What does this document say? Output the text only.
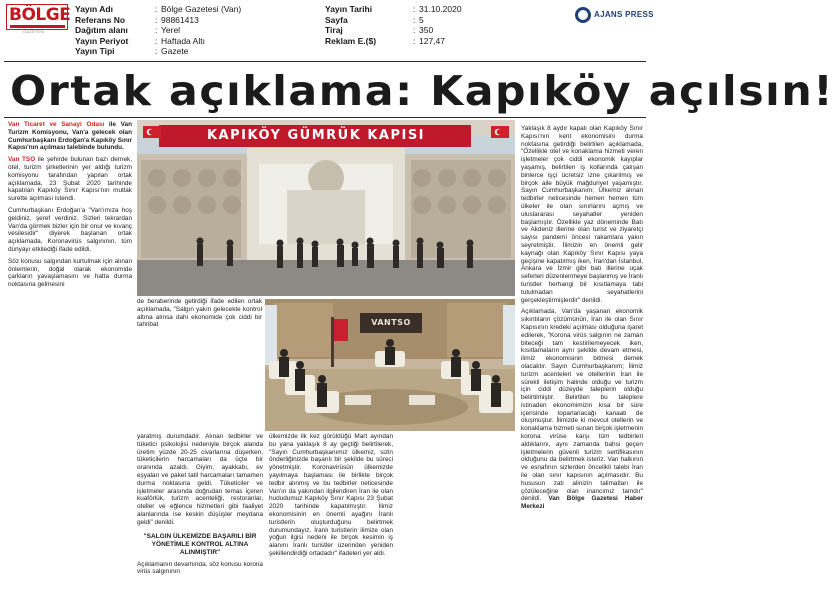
BÖLGE
GAZETESİ
Yayın Adı	: Bölge Gazetesi (Van)
Referans No	: 98861413
Dağıtım alanı	: Yerel
Yayın Periyot	: Haftada Altı
Yayın Tipi	: Gazete
Yayın Tarihi	: 31.10.2020
Sayfa	: 5
Tiraj	: 350
Reklam E.($)	: 127,47
AJANS PRESS
Ortak açıklama: Kapıköy açılsın!

Van Ticaret ve Sanayi Odası ile Van Turizm Komisyonu, Van'a gelecek olan Cumhurbaşkanı Erdoğan'a Kapıköy Sınır Kapısı'nın açılması talebinde bulundu.

Van TSO ile şehirde bulunan bazı dernek, otel, turizm şirketlerinin yer aldığı turizm komisyonu tarafından yapılan ortak açıklamada, 23 Şubat 2020 tarihinde kapatılan Kapıköy Sınır Kapısı'nın mutlak surette açılması istendi.

Cumhurbaşkanı Erdoğan'a "Van'ımıza hoş geldiniz, şeref verdiniz. Sizleri tekrardan Van'da görmek bizler için bir onur ve kıvanç vesilesidir" diyerek başlanan ortak açıklamada, Koronavirüs salgınının, tüm dünyayı etkilediği ifade edildi.

Söz konusu salgından kurtulmak için alınan önlemlerin, doğal olarak ekonomide çarkların yavaşlamasını ve hatta durma noktasına gelmesini

KAPIKÖY GÜMRÜK KAPISI

de beraberinde getirdiği ifade edilen ortak açıklamada, "Salgın yakın gelecekte kontrol altına alınsa dahi ekonomide çok ciddi bir tahribat	VANTSO

yaratmış durumdadır. Alınan tedbirler ve tüketici psikolojisi nedeniyle birçok alanda üretim yüzde 20-25 civarlarına düşerken, tüketicilerin harcamaları da üçte bir oranında azaldı. Giyim, ayakkabı, ev eşyaları ve paket tatil harcamaları tamamen durma noktasına geldi. Tüketiciler ve işletmeler arasında doğrudan temas içeren kuaförlük, turizm acenteliği, restoranlar, oteller ve eğlence hizmetleri gibi faaliyet alanlarında ise keskin düşüşler meydana geldi" denildi.

"SALGIN ÜLKEMİZDE BAŞARILI BİR YÖNETİMLE KONTROL ALTINA ALINMIŞTIR"

Açıklamanın devamında, söz konusu korona virüs salgınının

ülkemizde ilk kez görüldüğü Mart ayından bu yana yaklaşık 8 ay geçtiği belirtilerek, "Sayın Cumhurbaşkanımız ülkemiz, sizin önderliğinizde başarılı bir şekilde bu süreci yönetmiştir. Koronavirüsün ülkemizde yayılmaya başlaması ile birlikte birçok tedbir alınmış ve bu tedbirler neticesinde Van'ın da yakından ilgilendiren İran ile olan hududumuz Kapıköy Sınır Kapısı 23 Şubat 2020 tarihinde kapatılmıştır. İlimiz ekonomisinin en önemli ayağını İranlı turistlerin oluşturduğunu belirtmek durumundayız. İranlı turistlerin ilimize olan yoğun ilgisi nedeni ile birçok kesimin iş alanını İranlı turistler üzerinden yeniden şekillendirdiği ortadadır" ifadeleri yer aldı.

Yaklaşık 8 aydır kapalı olan Kapıköy Sınır Kapısı'nın kent ekonomisini durma noktasına getirdiği belirtilen açıklamada, "Özellikle otel ve konaklama hizmeti veren işletmeler çok ciddi ekonomik kayıplar yaşamış, belirtilen iş kollarında çalışan binlerce işçi ücretsiz izne çıkarılmış ve birçok aile büyük mağduriyet yaşamıştır. Sayın Cumhurbaşkanım; Ülkemiz alınan tedbirler neticesinde hemen hemen tüm ülkeler ile olan sınırlarını açmış ve uluslararası seyahatler yeniden başlamıştır. Özellikle yaz döneminde Batı ve Akdeniz illerine olan turist ve ziyaretçi sayısı pandemi öncesi rakamlara yakın seyretmiştir. İlimizin en önemli gelir kaynağı olan Kapıköy Sınır Kapısı yaya geçişine kapatılmış iken, İran'dan İstanbul, Ankara ve İzmir gibi batı illerine uçak seferleri düzenlenmeye başlanmış ve İranlı turistler herhangi bir kısıtlamaya tabi tutulmadan seyahatlerini gerçekleştirmişlerdir" denildi.

Açıklamada, Van'da yaşanan ekonomik sıkıntıların çözümünün, İran ile olan Sınır Kapısının kredeki açılması olduğuna işaret edilerek, "Korona virüs salgının ne zaman biteceği tam kestirilemeyecek iken, kısıtlamaların aynı şekilde devam etmesi, ilimiz ekonomisinin bitmesi demek olacaktır. Sayın Cumhurbaşkanım; İlimiz turizm acenteleri ve otellerinin İran ile sürekli iletişim halinde olduğu ve turizm için ciddi düzeyde taleplerin olduğu belirtilmiştir. Belirtilen bu taleplere istinaden ekonomimizin kısa bir süre içerisinde toparlanacağı kanaati de oluşmuştur. İlimizde ki mevcut otellerin ve konaklama hizmeti sunan birçok işletmenin korona virüse karşı tüm tedbirleri aldıklarını, aynı zamanda bahsi geçen işletmelerin güvenli turizm sertifikasının olduğunu da belirtmek isteriz. Van halkının ve esnafının sizlerden öncelikli talebi İran ile olan sınır kapısının açılmasıdır. Bu hususun zatı alinizin talimatları ile çözüleceğine olan inancımız tamdır" denildi. Van Bölge Gazetesi Haber Merkezi
